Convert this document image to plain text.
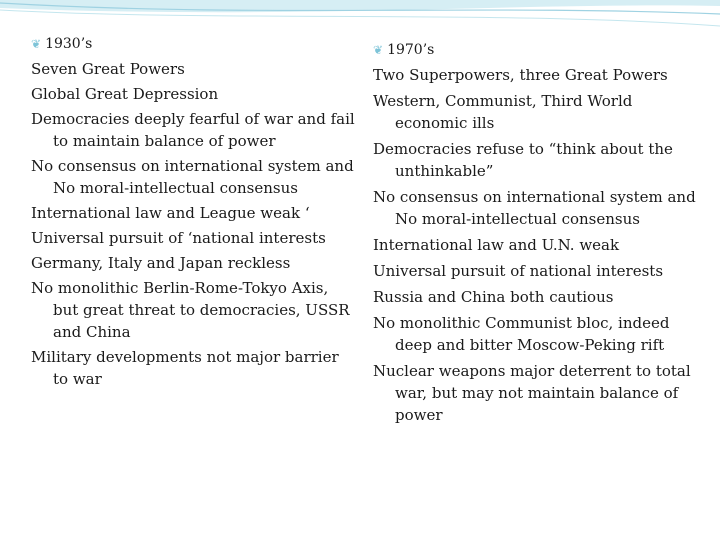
❦ 1930’s
Seven Great Powers
Global Great Depression
Democracies deeply fearful of war and fail to maintain balance of power
No consensus on international system and No moral-intellectual consensus
International law and League weak ‘
Universal pursuit of ‘national interests
Germany, Italy and Japan reckless
No monolithic Berlin-Rome-Tokyo Axis, but great threat to democracies, USSR and China
Military developments not major barrier to war
❦ 1970’s
Two Superpowers, three Great Powers
Western, Communist, Third World economic ills
Democracies refuse to “think about the unthinkable”
No consensus on international system and No moral-intellectual consensus
International law and U.N. weak
Universal pursuit of national interests
Russia and China both cautious
No monolithic Communist bloc, indeed deep and bitter Moscow-Peking rift
Nuclear weapons major deterrent to total war, but may not maintain balance of power
